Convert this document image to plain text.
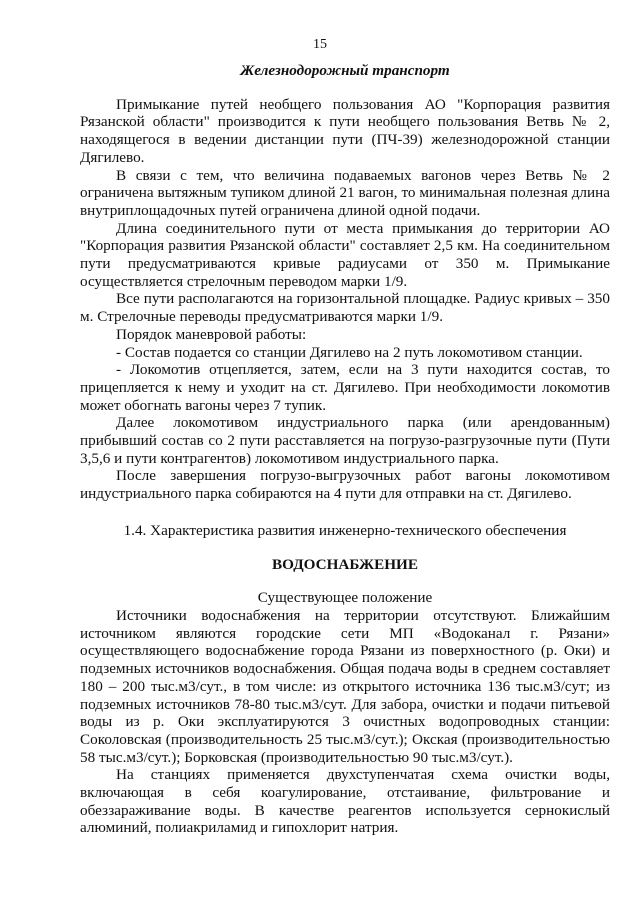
15
Железнодорожный транспорт

Примыкание путей необщего пользования АО "Корпорация развития Рязанской области" производится к пути необщего пользования Ветвь № 2, находящегося в ведении дистанции пути (ПЧ-39) железнодорожной станции Дягилево.

В связи с тем, что величина подаваемых вагонов через Ветвь № 2 ограничена вытяжным тупиком длиной 21 вагон, то минимальная полезная длина внутриплощадочных путей ограничена длиной одной подачи.

Длина соединительного пути от места примыкания до территории АО "Корпорация развития Рязанской области" составляет 2,5 км. На соединительном пути предусматриваются кривые радиусами от 350 м. Примыкание осуществляется стрелочным переводом марки 1/9.

Все пути располагаются на горизонтальной площадке. Радиус кривых – 350 м. Стрелочные переводы предусматриваются марки 1/9.

Порядок маневровой работы:

- Состав подается со станции Дягилево на 2 путь локомотивом станции.

- Локомотив отцепляется, затем, если на 3 пути находится состав, то прицепляется к нему и уходит на ст. Дягилево. При необходимости локомотив может обогнать вагоны через 7 тупик.

Далее локомотивом индустриального парка (или арендованным) прибывший состав со 2 пути расставляется на погрузо-разгрузочные пути (Пути 3,5,6 и пути контрагентов) локомотивом индустриального парка.

После завершения погрузо-выгрузочных работ вагоны локомотивом индустриального парка собираются на 4 пути для отправки на ст. Дягилево.

1.4. Характеристика развития инженерно-технического обеспечения
ВОДОСНАБЖЕНИЕ
Существующее положение

Источники водоснабжения на территории отсутствуют. Ближайшим источником являются городские сети МП «Водоканал г. Рязани» осуществляющего водоснабжение города Рязани из поверхностного (р. Оки) и подземных источников водоснабжения. Общая подача воды в среднем составляет 180 – 200 тыс.м3/сут., в том числе: из открытого источника 136 тыс.м3/сут; из подземных источников 78-80 тыс.м3/сут. Для забора, очистки и подачи питьевой воды из р. Оки эксплуатируются 3 очистных водопроводных станции: Соколовская (производительность 25 тыс.м3/сут.); Окская (производительностью 58 тыс.м3/сут.); Борковская (производительностью 90 тыс.м3/сут.).

На станциях применяется двухступенчатая схема очистки воды, включающая в себя коагулирование, отстаивание, фильтрование и обеззараживание воды. В качестве реагентов используется сернокислый алюминий, полиакриламид и гипохлорит натрия.
